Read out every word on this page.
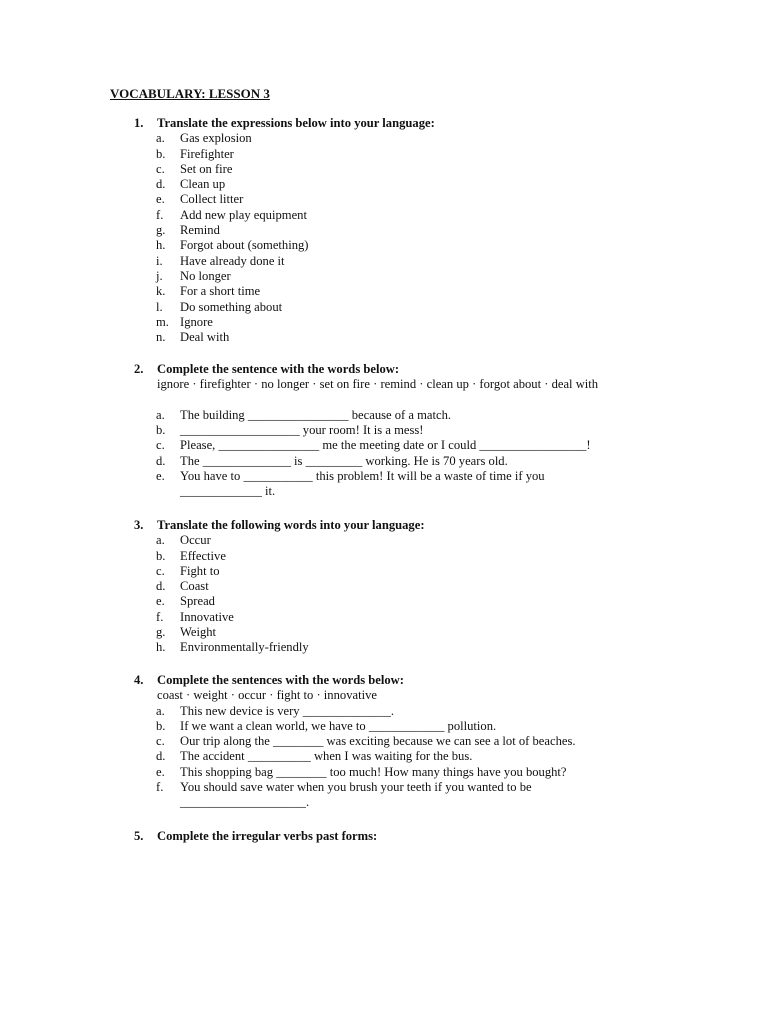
VOCABULARY: LESSON 3
1. Translate the expressions below into your language:
a. Gas explosion
b. Firefighter
c. Set on fire
d. Clean up
e. Collect litter
f. Add new play equipment
g. Remind
h. Forgot about (something)
i. Have already done it
j. No longer
k. For a short time
l. Do something about
m. Ignore
n. Deal with
2. Complete the sentence with the words below:
ignore · firefighter · no longer · set on fire · remind · clean up · forgot about · deal with
a. The building ________________ because of a match.
b. ___________________ your room! It is a mess!
c. Please, ________________ me the meeting date or I could _________________!
d. The ______________ is _________ working. He is 70 years old.
e. You have to ___________ this problem! It will be a waste of time if you
_____________ it.
3. Translate the following words into your language:
a. Occur
b. Effective
c. Fight to
d. Coast
e. Spread
f. Innovative
g. Weight
h. Environmentally-friendly
4. Complete the sentences with the words below:
coast · weight · occur · fight to · innovative
a. This new device is very ______________.
b. If we want a clean world, we have to ____________ pollution.
c. Our trip along the ________ was exciting because we can see a lot of beaches.
d. The accident __________ when I was waiting for the bus.
e. This shopping bag ________ too much! How many things have you bought?
f. You should save water when you brush your teeth if you wanted to be
____________________.
5. Complete the irregular verbs past forms:
